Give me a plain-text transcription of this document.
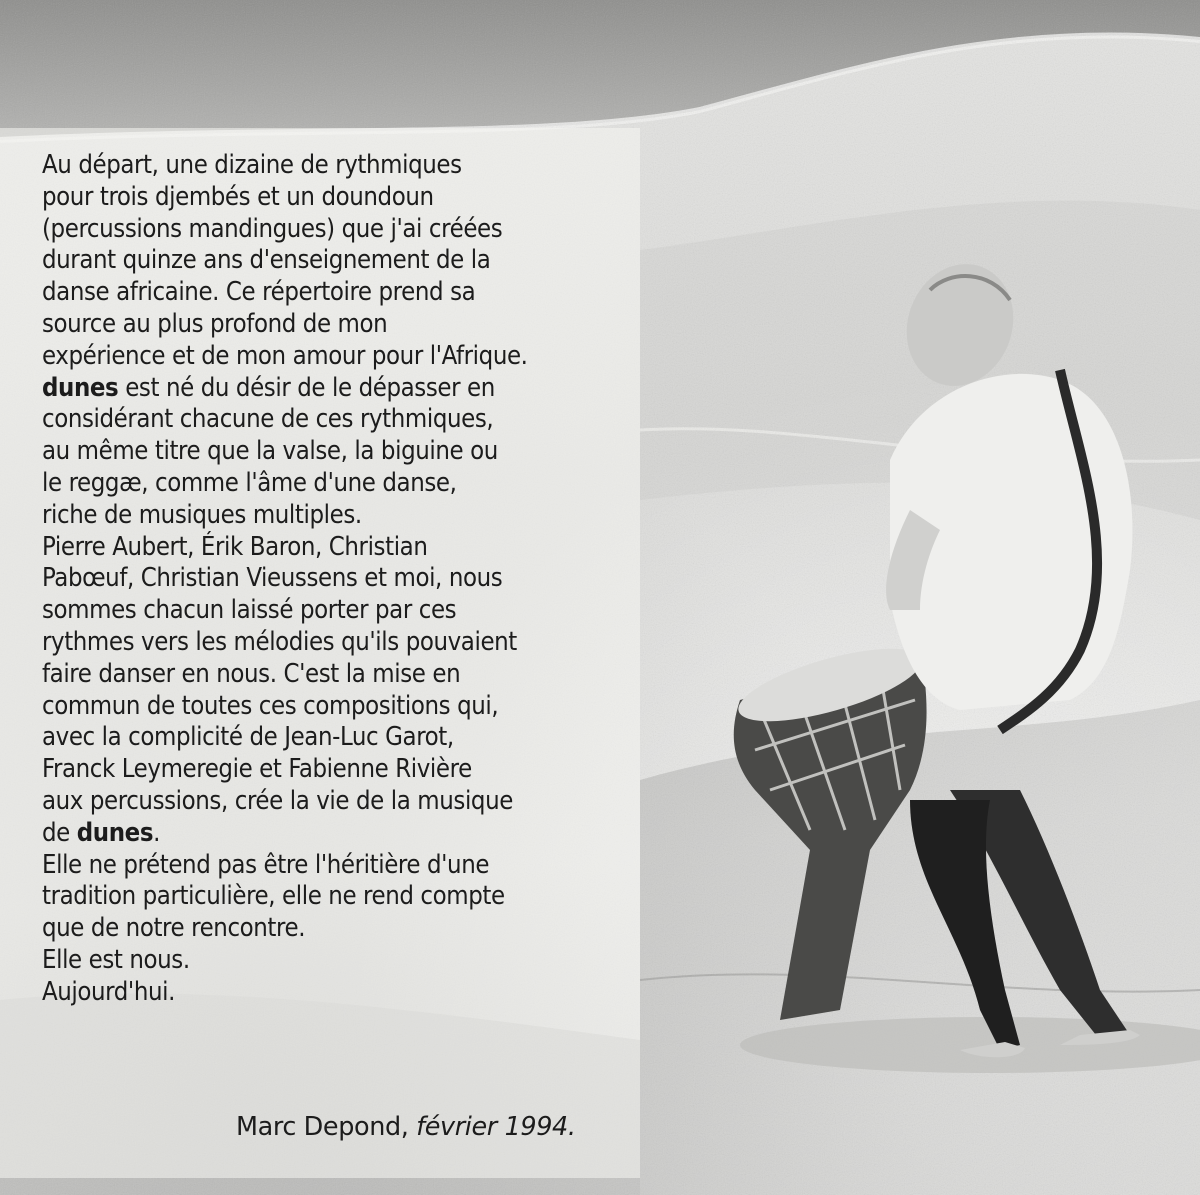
Au départ, une dizaine de rythmiques
pour trois djembés et un doundoun
(percussions mandingues) que j'ai créées
durant quinze ans d'enseignement de la
danse africaine. Ce répertoire prend sa
source au plus profond de mon
expérience et de mon amour pour l'Afrique.
dunes est né du désir de le dépasser en
considérant chacune de ces rythmiques,
au même titre que la valse, la biguine ou
le reggæ, comme l'âme d'une danse,
riche de musiques multiples.
Pierre Aubert, Érik Baron, Christian
Pabœuf, Christian Vieussens et moi, nous
sommes chacun laissé porter par ces
rythmes vers les mélodies qu'ils pouvaient
faire danser en nous. C'est la mise en
commun de toutes ces compositions qui,
avec la complicité de Jean-Luc Garot,
Franck Leymeregie et Fabienne Rivière
aux percussions, crée la vie de la musique
de dunes.
Elle ne prétend pas être l'héritière d'une
tradition particulière, elle ne rend compte
que de notre rencontre.
Elle est nous.
Aujourd'hui.
Marc Depond, février 1994.
